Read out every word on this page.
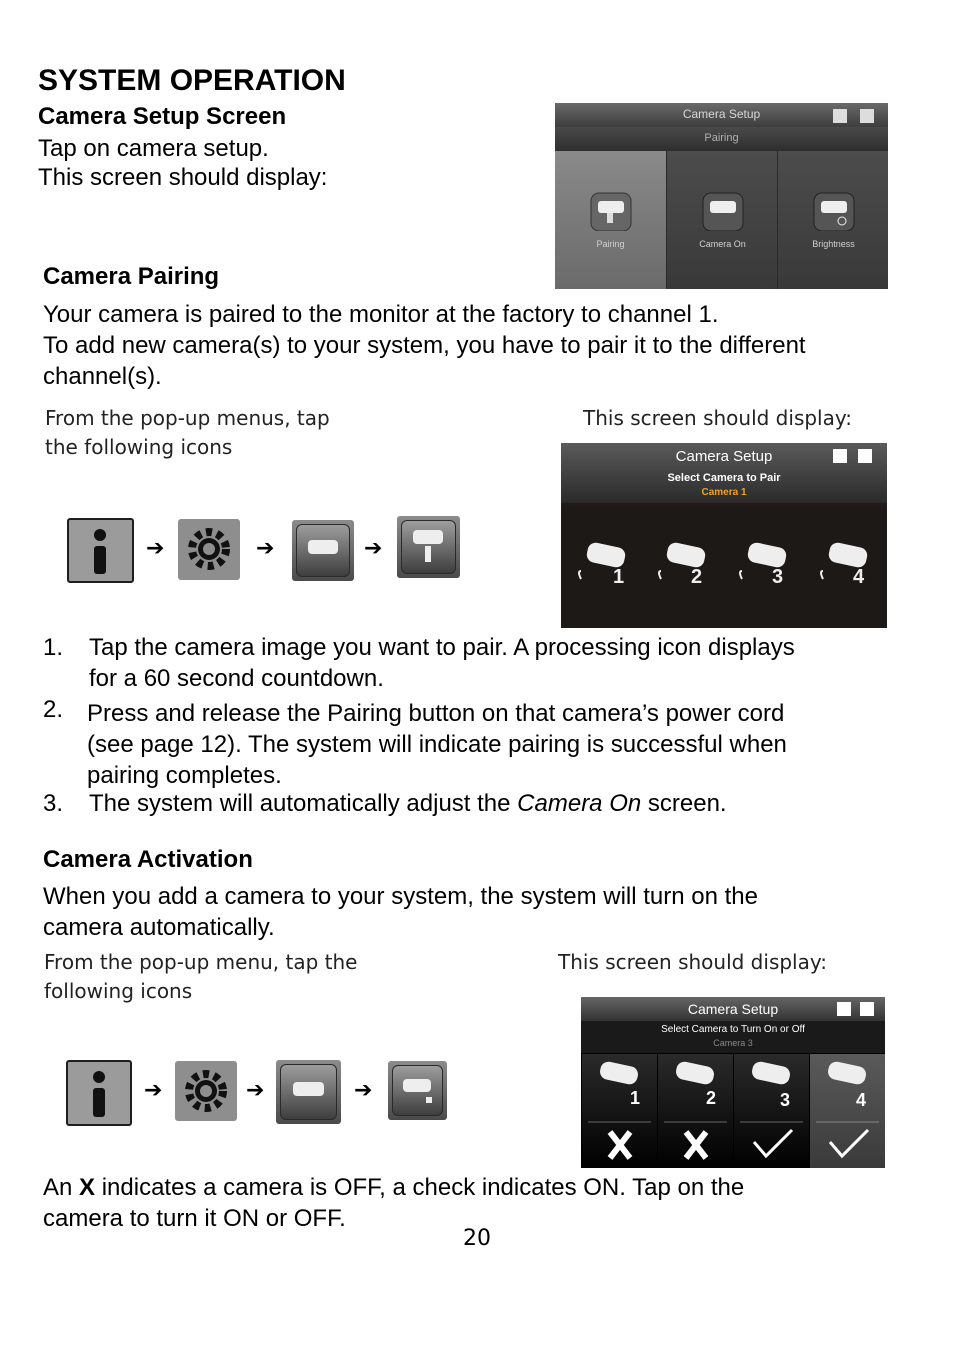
SYSTEM OPERATION
Camera Setup Screen
Tap on camera setup.
This screen should display:
Camera Setup
Pairing
Pairing	Camera On	Brightness
Camera Pairing
Your camera is paired to the monitor at the factory to channel 1.
To add new camera(s) to your system, you have to pair it to the different
channel(s).
From the pop-up menus, tap
the following icons
This screen should display:
➔	➔	➔
Camera Setup
Select Camera to Pair
Camera 1
1	2	3	4
1. Tap the camera image you want to pair. A processing icon displays
for a 60 second countdown.
2. Press and release the Pairing button on that camera’s power cord
(see page 12). The system will indicate pairing is successful when
pairing completes.
3. The system will automatically adjust the Camera On screen.
Camera Activation
When you add a camera to your system, the system will turn on the
camera automatically.
From the pop-up menu, tap the
following icons
This screen should display:
➔	➔	➔
Camera Setup
Select Camera to Turn On or Off
Camera 3
1	2	3	4
An X indicates a camera is OFF, a check indicates ON. Tap on the
camera to turn it ON or OFF.
20
